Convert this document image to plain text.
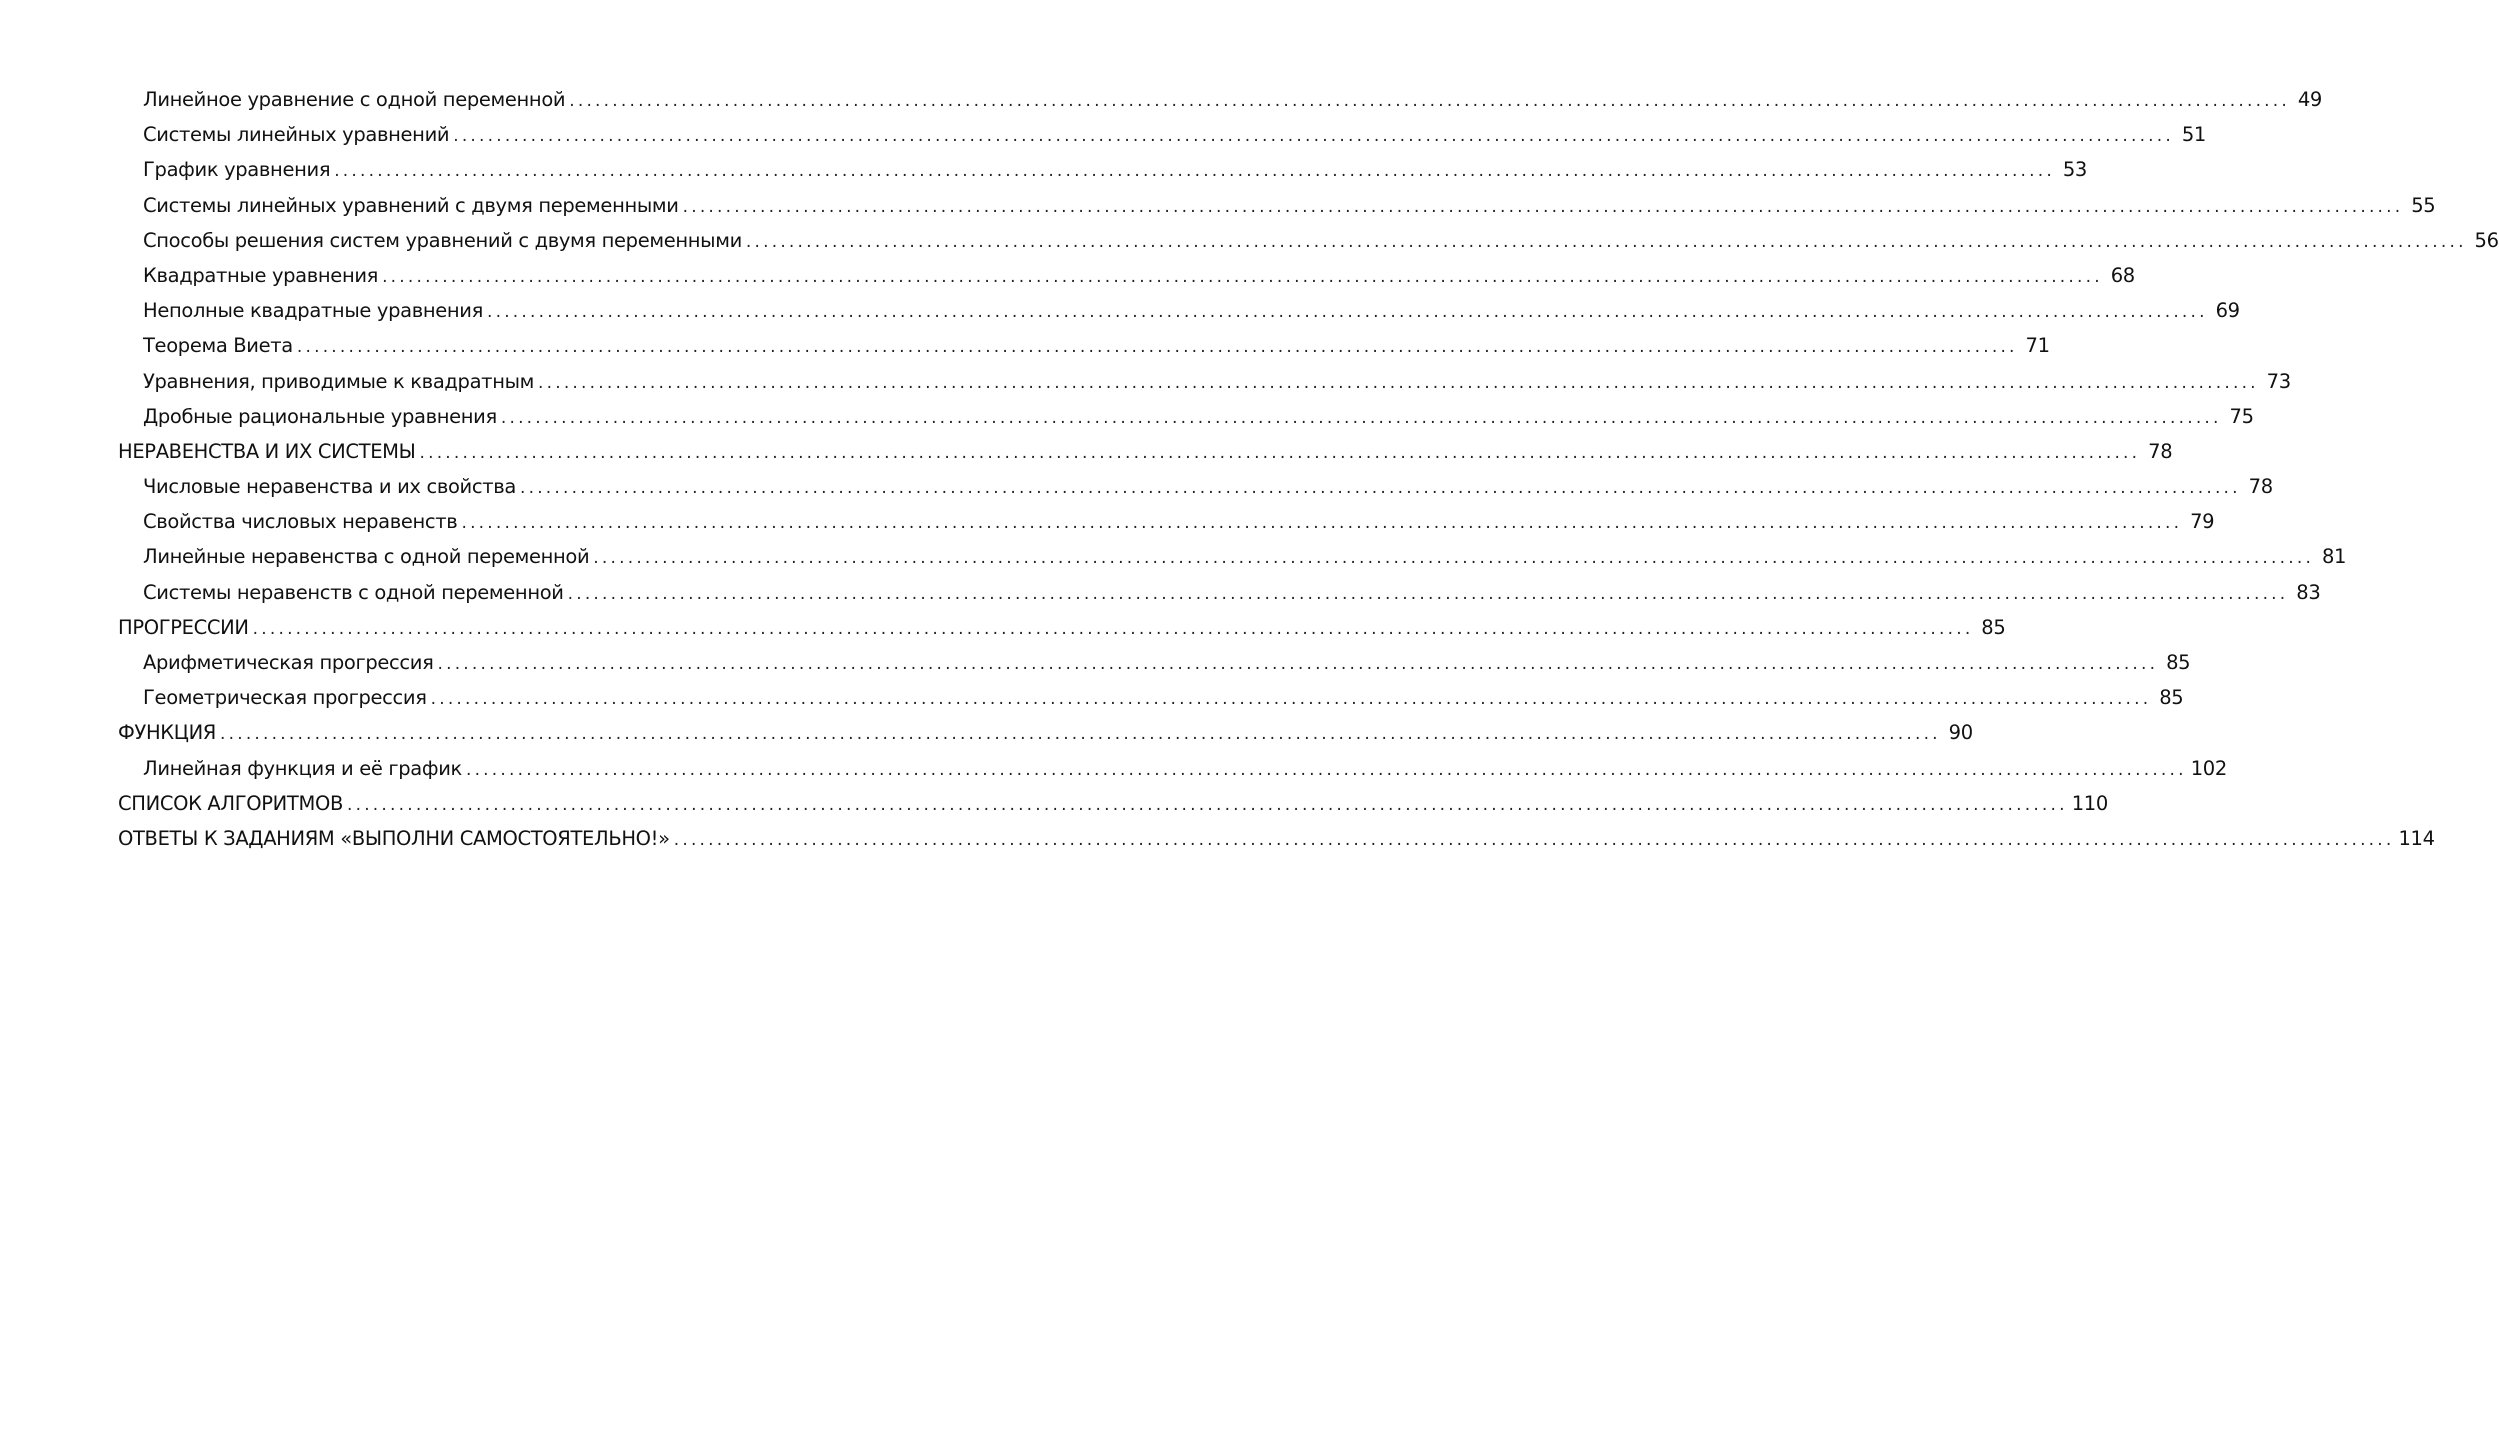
Линейное уравнение с одной переменной ........................................................................................................................................................................................................ 49
Системы линейных уравнений ........................................................................................................................................................................................................ 51
График уравнения ........................................................................................................................................................................................................ 53
Системы линейных уравнений с двумя переменными ........................................................................................................................................................................................................ 55
Способы решения систем уравнений с двумя переменными ........................................................................................................................................................................................................ 56
Квадратные уравнения ........................................................................................................................................................................................................ 68
Неполные квадратные уравнения ........................................................................................................................................................................................................ 69
Теорема Виета ........................................................................................................................................................................................................ 71
Уравнения, приводимые к квадратным ........................................................................................................................................................................................................ 73
Дробные рациональные уравнения ........................................................................................................................................................................................................ 75
НЕРАВЕНСТВА И ИХ СИСТЕМЫ ........................................................................................................................................................................................................ 78
Числовые неравенства и их свойства ........................................................................................................................................................................................................ 78
Свойства числовых неравенств ........................................................................................................................................................................................................ 79
Линейные неравенства с одной переменной ........................................................................................................................................................................................................ 81
Системы неравенств с одной переменной ........................................................................................................................................................................................................ 83
ПРОГРЕССИИ ........................................................................................................................................................................................................ 85
Арифметическая прогрессия ........................................................................................................................................................................................................ 85
Геометрическая прогрессия ........................................................................................................................................................................................................ 85
ФУНКЦИЯ ........................................................................................................................................................................................................ 90
Линейная функция и её график ........................................................................................................................................................................................................ 102
СПИСОК АЛГОРИТМОВ ........................................................................................................................................................................................................ 110
ОТВЕТЫ К ЗАДАНИЯМ «ВЫПОЛНИ САМОСТОЯТЕЛЬНО!» ........................................................................................................................................................................................................ 114
